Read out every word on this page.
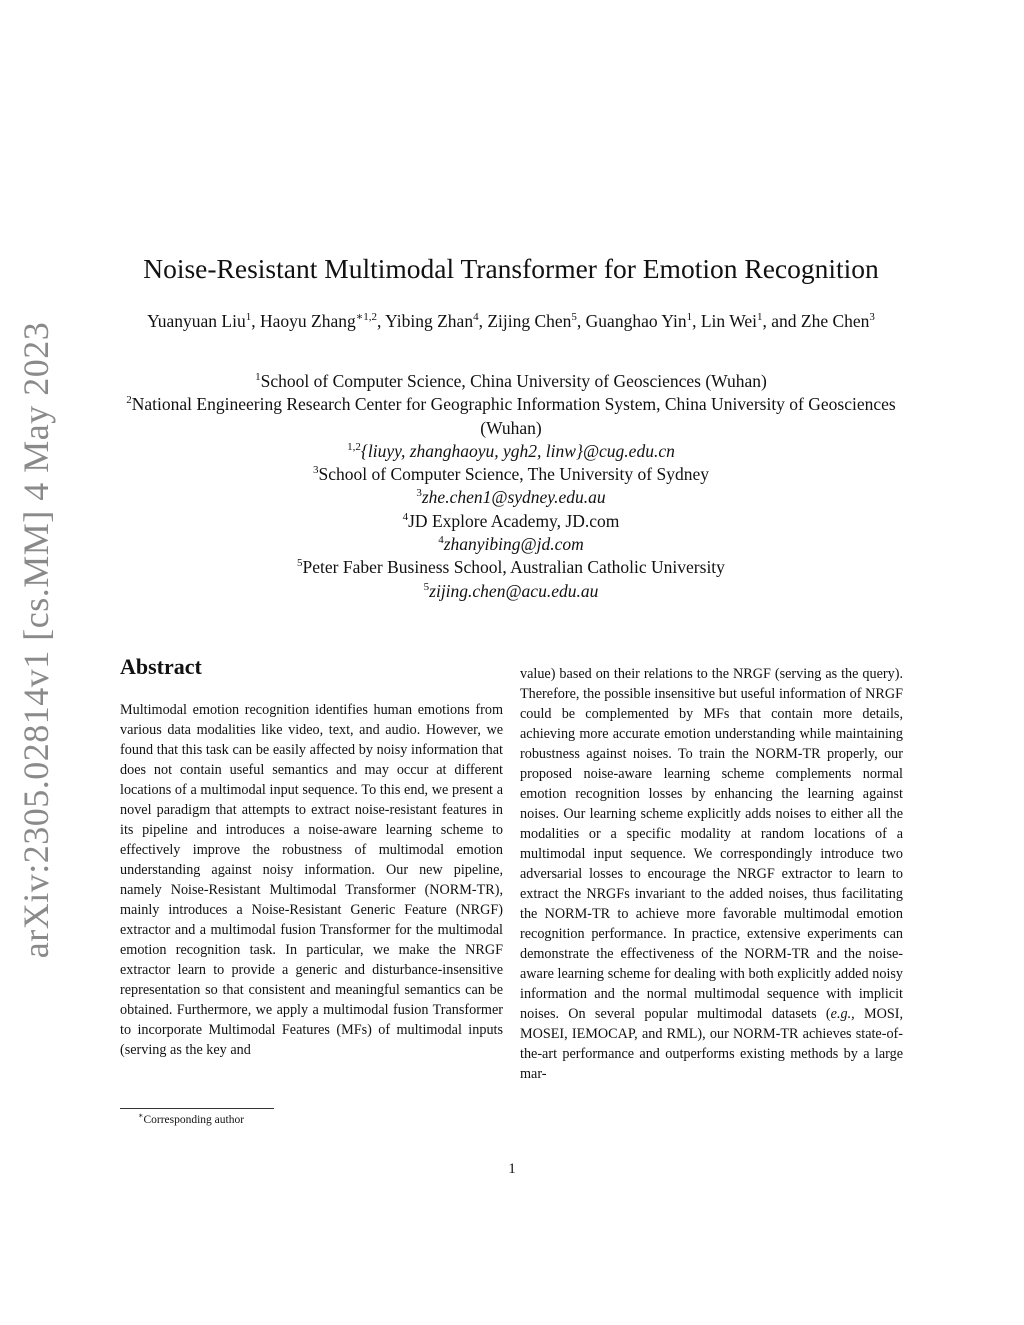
arXiv:2305.02814v1 [cs.MM] 4 May 2023
Noise-Resistant Multimodal Transformer for Emotion Recognition
Yuanyuan Liu$^1$, Haoyu Zhang$^{∗1,2}$, Yibing Zhan$^4$, Zijing Chen$^5$, Guanghao Yin$^1$, Lin Wei$^1$, and Zhe Chen$^3$
$^1$School of Computer Science, China University of Geosciences (Wuhan)
$^2$National Engineering Research Center for Geographic Information System, China University of Geosciences (Wuhan)
$^{1,2}${liuyy, zhanghaoyu, ygh2, linw}@cug.edu.cn
$^3$School of Computer Science, The University of Sydney
$^3$zhe.chen1@sydney.edu.au
$^4$JD Explore Academy, JD.com
$^4$zhanyibing@jd.com
$^5$Peter Faber Business School, Australian Catholic University
$^5$zijing.chen@acu.edu.au
Abstract

Multimodal emotion recognition identifies human emotions from various data modalities like video, text, and audio. However, we found that this task can be easily affected by noisy information that does not contain useful semantics and may occur at different locations of a multimodal input sequence. To this end, we present a novel paradigm that attempts to extract noise-resistant features in its pipeline and introduces a noise-aware learning scheme to effectively improve the robustness of multimodal emotion understanding against noisy information. Our new pipeline, namely Noise-Resistant Multimodal Transformer (NORM-TR), mainly introduces a Noise-Resistant Generic Feature (NRGF) extractor and a multimodal fusion Transformer for the multimodal emotion recognition task. In particular, we make the NRGF extractor learn to provide a generic and disturbance-insensitive representation so that consistent and meaningful semantics can be obtained. Furthermore, we apply a multimodal fusion Transformer to incorporate Multimodal Features (MFs) of multimodal inputs (serving as the key and

value) based on their relations to the NRGF (serving as the query). Therefore, the possible insensitive but useful information of NRGF could be complemented by MFs that contain more details, achieving more accurate emotion understanding while maintaining robustness against noises. To train the NORM-TR properly, our proposed noise-aware learning scheme complements normal emotion recognition losses by enhancing the learning against noises. Our learning scheme explicitly adds noises to either all the modalities or a specific modality at random locations of a multimodal input sequence. We correspondingly introduce two adversarial losses to encourage the NRGF extractor to learn to extract the NRGFs invariant to the added noises, thus facilitating the NORM-TR to achieve more favorable multimodal emotion recognition performance. In practice, extensive experiments can demonstrate the effectiveness of the NORM-TR and the noise-aware learning scheme for dealing with both explicitly added noisy information and the normal multimodal sequence with implicit noises. On several popular multimodal datasets (e.g., MOSI, MOSEI, IEMOCAP, and RML), our NORM-TR achieves state-of-the-art performance and outperforms existing methods by a large mar-

∗Corresponding author
1
